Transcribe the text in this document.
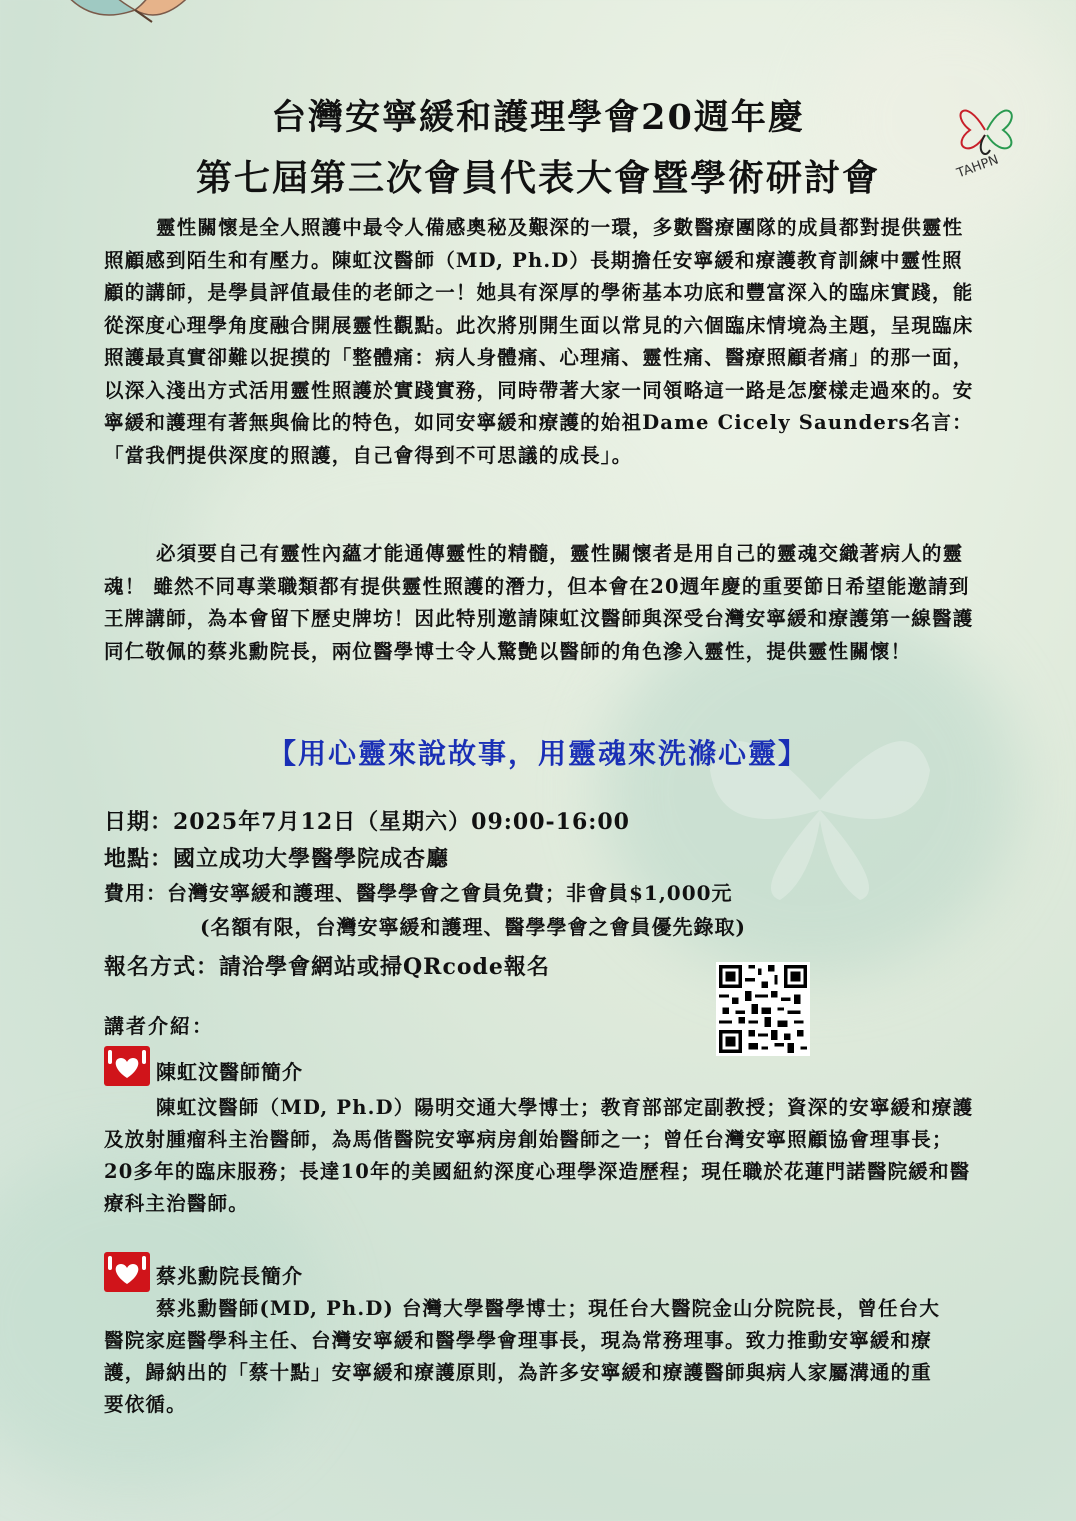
台灣安寧緩和護理學會20週年慶
第七屆第三次會員代表大會暨學術研討會	TAHPN
靈性關懷是全人照護中最令人備感奧秘及艱深的一環，多數醫療團隊的成員都對提供靈性照顧感到陌生和有壓力。陳虹汶醫師（MD, Ph.D）長期擔任安寧緩和療護教育訓練中靈性照顧的講師，是學員評值最佳的老師之一！她具有深厚的學術基本功底和豐富深入的臨床實踐，能從深度心理學角度融合開展靈性觀點。此次將別開生面以常見的六個臨床情境為主題，呈現臨床照護最真實卻難以捉摸的「整體痛：病人身體痛、心理痛、靈性痛、醫療照顧者痛」的那一面，以深入淺出方式活用靈性照護於實踐實務，同時帶著大家一同領略這一路是怎麼樣走過來的。安寧緩和護理有著無與倫比的特色，如同安寧緩和療護的始祖Dame Cicely Saunders名言：「當我們提供深度的照護，自己會得到不可思議的成長」。
必須要自己有靈性內蘊才能通傳靈性的精髓，靈性關懷者是用自己的靈魂交織著病人的靈魂！ 雖然不同專業職類都有提供靈性照護的潛力，但本會在20週年慶的重要節日希望能邀請到王牌講師，為本會留下歷史牌坊！因此特別邀請陳虹汶醫師與深受台灣安寧緩和療護第一線醫護同仁敬佩的蔡兆勳院長，兩位醫學博士令人驚艷以醫師的角色滲入靈性，提供靈性關懷！
【用心靈來說故事，用靈魂來洗滌心靈】
日期：2025年7月12日（星期六）09:00-16:00
地點：國立成功大學醫學院成杏廳
費用：台灣安寧緩和護理、醫學學會之會員免費；非會員$1,000元
(名額有限，台灣安寧緩和護理、醫學學會之會員優先錄取)
報名方式：請洽學會網站或掃QRcode報名
講者介紹：
陳虹汶醫師簡介
陳虹汶醫師（MD, Ph.D）陽明交通大學博士；教育部部定副教授；資深的安寧緩和療護及放射腫瘤科主治醫師，為馬偕醫院安寧病房創始醫師之一；曾任台灣安寧照顧協會理事長；20多年的臨床服務；長達10年的美國紐約深度心理學深造歷程；現任職於花蓮門諾醫院緩和醫療科主治醫師。
蔡兆勳院長簡介
蔡兆勳醫師(MD, Ph.D) 台灣大學醫學博士；現任台大醫院金山分院院長，曾任台大醫院家庭醫學科主任、台灣安寧緩和醫學學會理事長，現為常務理事。致力推動安寧緩和療護，歸納出的「蔡十點」安寧緩和療護原則，為許多安寧緩和療護醫師與病人家屬溝通的重要依循。
